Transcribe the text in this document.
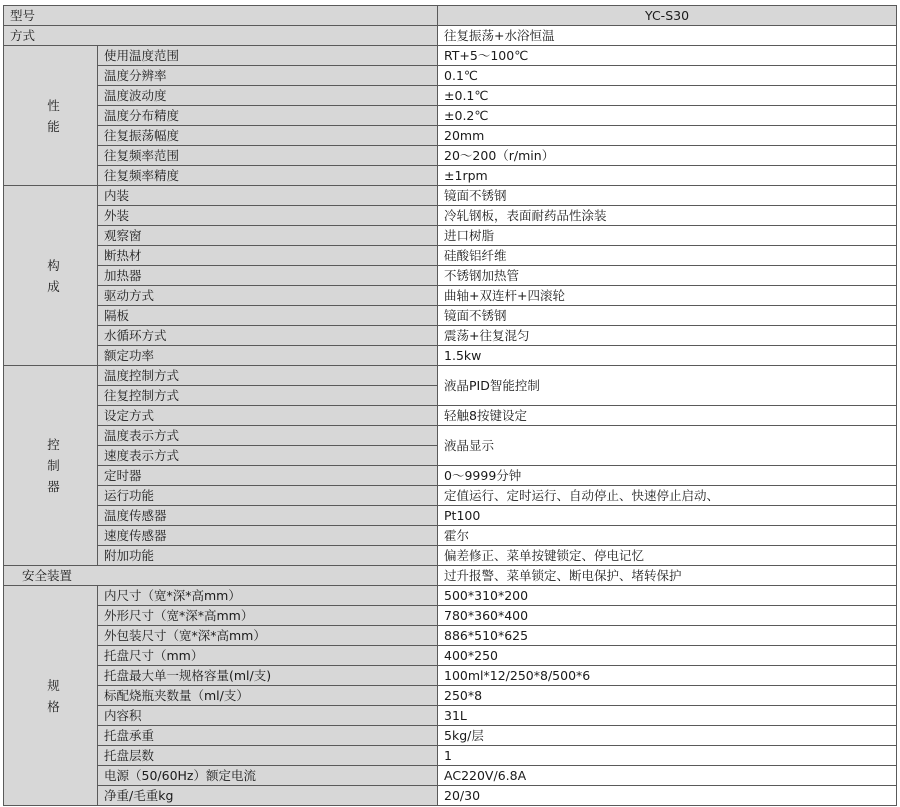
型号		YC-S30
方式		往复振荡+水浴恒温

性
能	使用温度范围	RT+5～100℃
	温度分辨率	0.1℃
	温度波动度	±0.1℃
	温度分布精度	±0.2℃
	往复振荡幅度	20mm
	往复频率范围	20～200（r/min）
	往复频率精度	±1rpm

构
成	内装	镜面不锈钢
	外装	冷轧钢板，表面耐药品性涂装
	观察窗	进口树脂
	断热材	硅酸铝纤维
	加热器	不锈钢加热管
	驱动方式	曲轴+双连杆+四滚轮
	隔板	镜面不锈钢
	水循环方式	震荡+往复混匀
	额定功率	1.5kw

控
制
器	温度控制方式	液晶PID智能控制
	往复控制方式	
	设定方式	轻触8按键设定
	温度表示方式	液晶显示
	速度表示方式	
	定时器	0～9999分钟
	运行功能	定值运行、定时运行、自动停止、快速停止启动、
	温度传感器	Pt100
	速度传感器	霍尔
	附加功能	偏差修正、菜单按键锁定、停电记忆
安全装置		过升报警、菜单锁定、断电保护、堵转保护

规
格	内尺寸（宽*深*高mm）	500*310*200
	外形尺寸（宽*深*高mm）	780*360*400
	外包装尺寸（宽*深*高mm）	886*510*625
	托盘尺寸（mm）	400*250
	托盘最大单一规格容量(ml/支)	100ml*12/250*8/500*6
	标配烧瓶夹数量（ml/支）	250*8
	内容积	31L
	托盘承重	5kg/层
	托盘层数	1
	电源（50/60Hz）额定电流	AC220V/6.8A
	净重/毛重kg	20/30
